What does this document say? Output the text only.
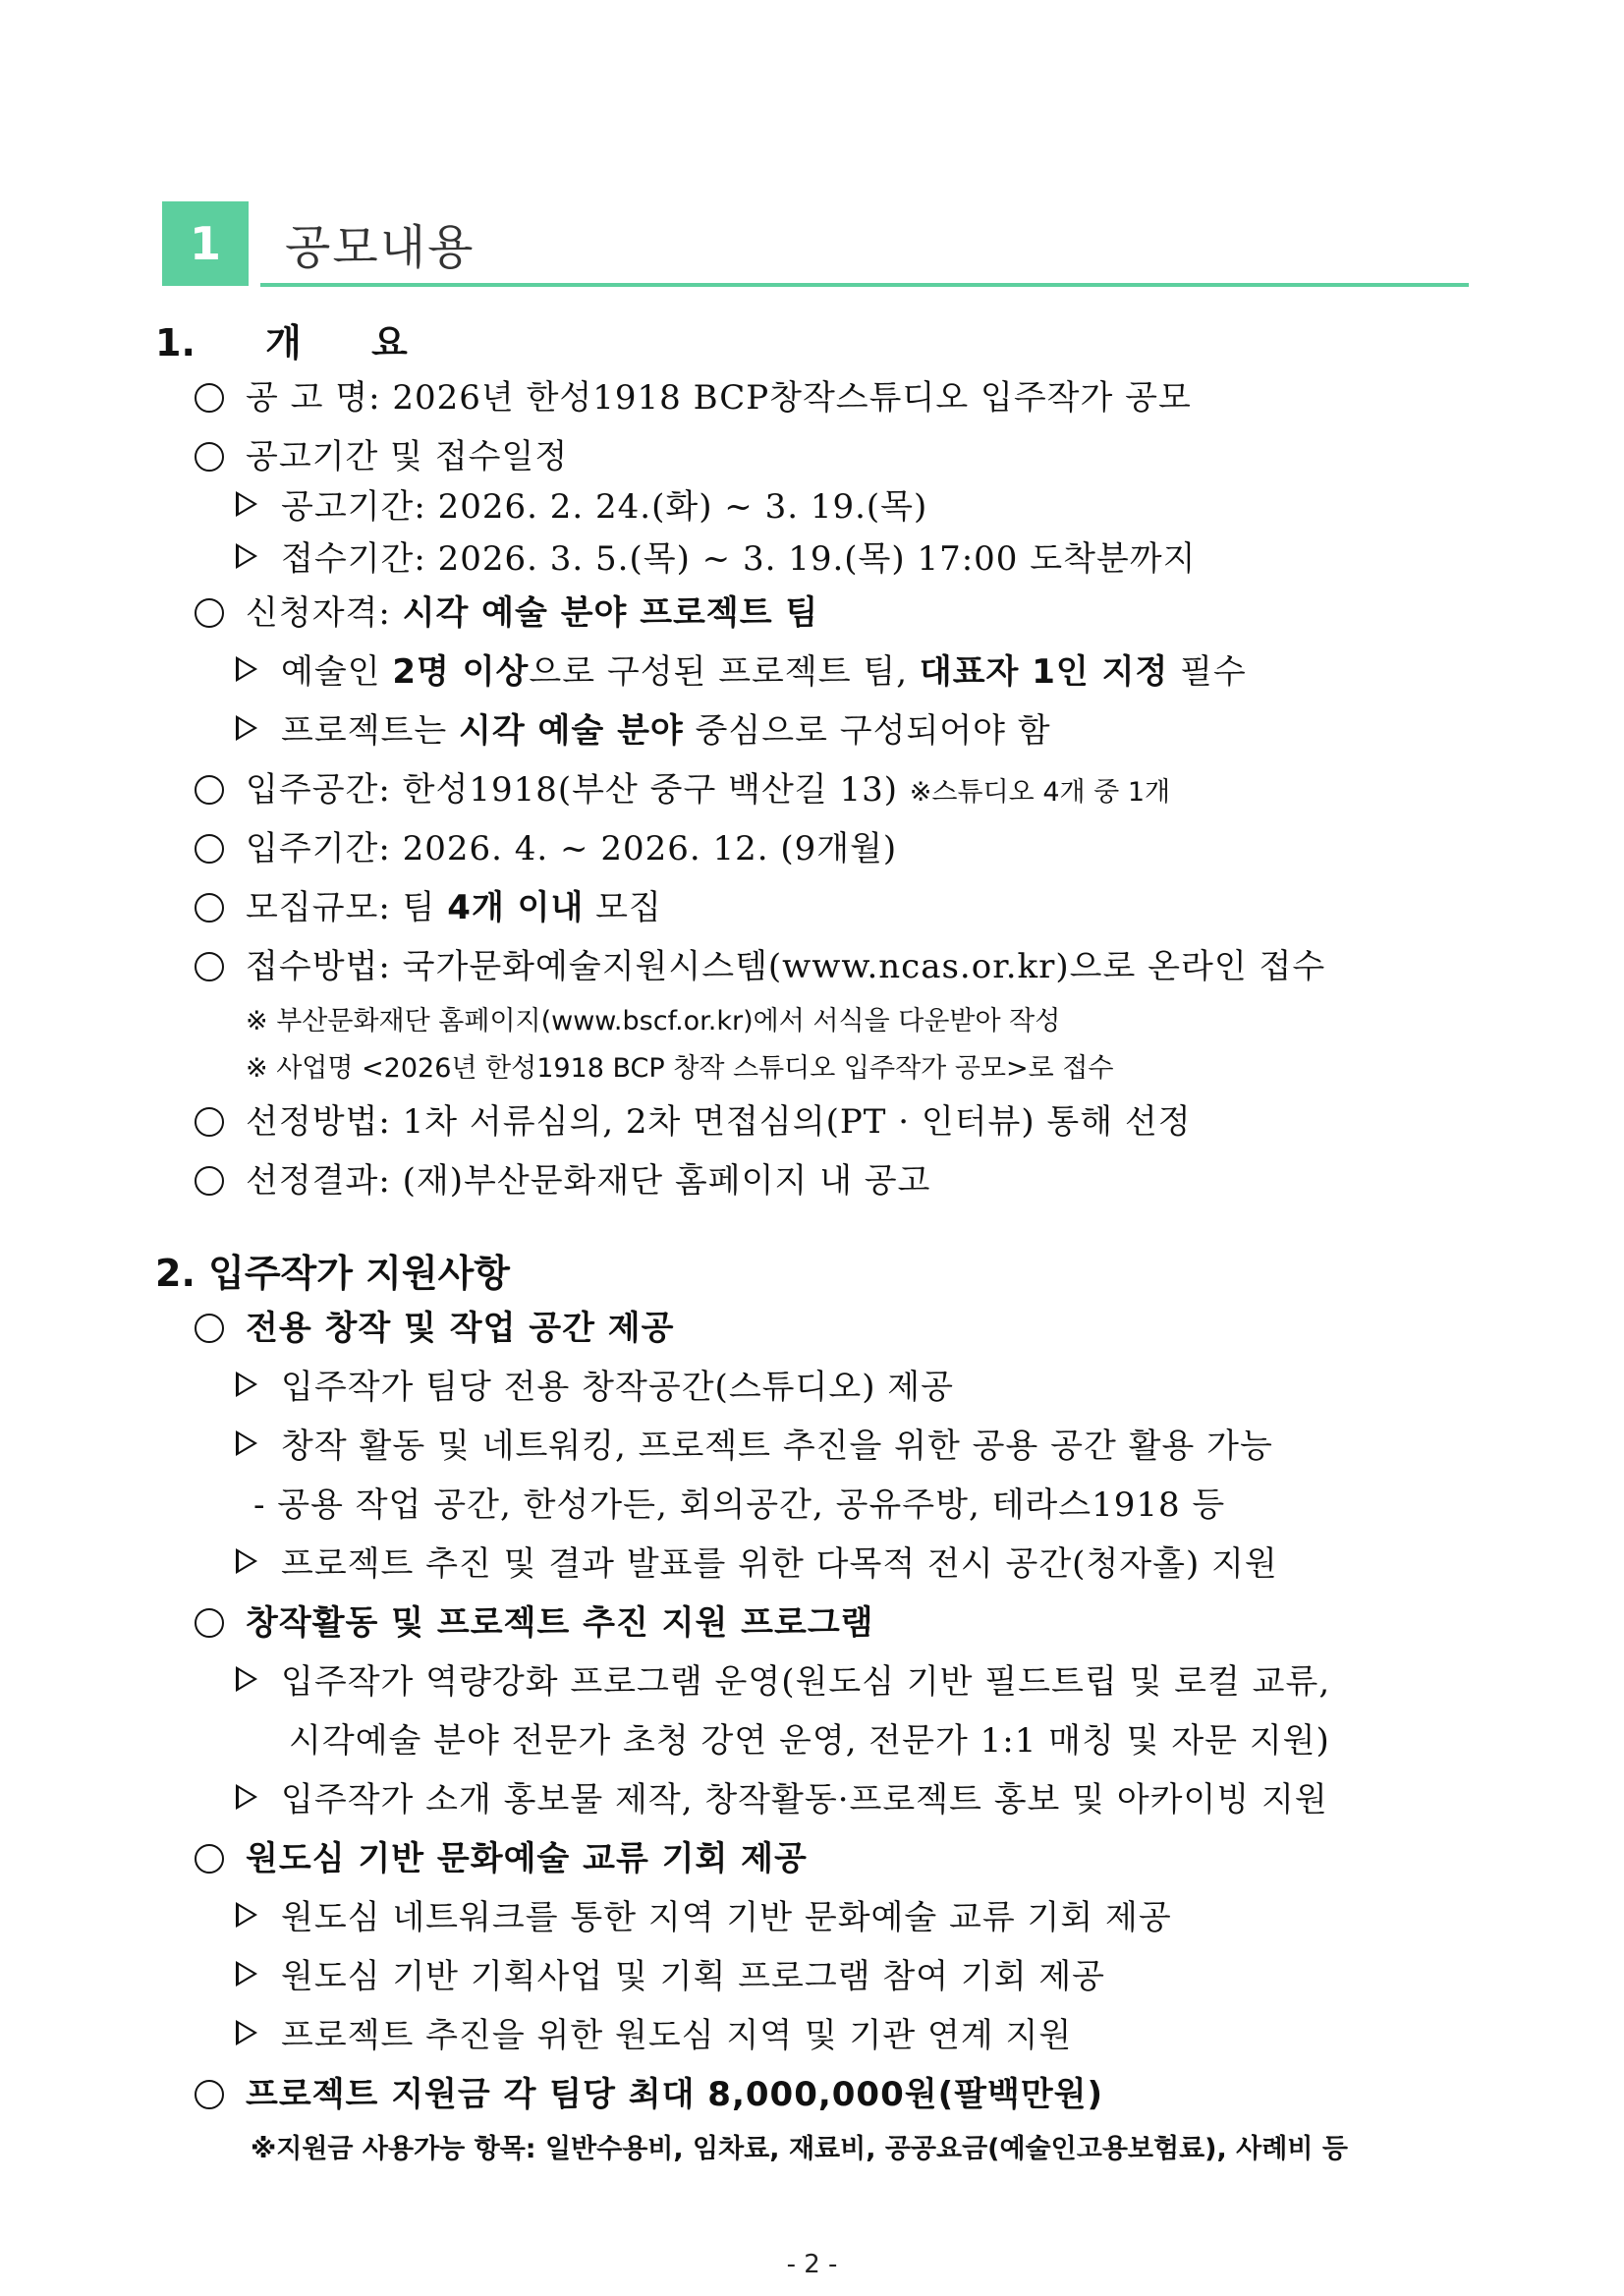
1	공모내용
1. 개 요
공 고 명: 2026년 한성1918 BCP창작스튜디오 입주작가 공모
공고기간 및 접수일정
공고기간: 2026. 2. 24.(화) ~ 3. 19.(목)
접수기간: 2026. 3. 5.(목) ~ 3. 19.(목) 17:00 도착분까지
신청자격: 시각 예술 분야 프로젝트 팀
예술인 2명 이상으로 구성된 프로젝트 팀, 대표자 1인 지정 필수
프로젝트는 시각 예술 분야 중심으로 구성되어야 함
입주공간: 한성1918(부산 중구 백산길 13) ※스튜디오 4개 중 1개
입주기간: 2026. 4. ~ 2026. 12. (9개월)
모집규모: 팀 4개 이내 모집
접수방법: 국가문화예술지원시스템(www.ncas.or.kr)으로 온라인 접수
※ 부산문화재단 홈페이지(www.bscf.or.kr)에서 서식을 다운받아 작성
※ 사업명 <2026년 한성1918 BCP 창작 스튜디오 입주작가 공모>로 접수
선정방법: 1차 서류심의, 2차 면접심의(PT · 인터뷰) 통해 선정
선정결과: (재)부산문화재단 홈페이지 내 공고
2. 입주작가 지원사항
전용 창작 및 작업 공간 제공
입주작가 팀당 전용 창작공간(스튜디오) 제공
창작 활동 및 네트워킹, 프로젝트 추진을 위한 공용 공간 활용 가능
- 공용 작업 공간, 한성가든, 회의공간, 공유주방, 테라스1918 등
프로젝트 추진 및 결과 발표를 위한 다목적 전시 공간(청자홀) 지원
창작활동 및 프로젝트 추진 지원 프로그램
입주작가 역량강화 프로그램 운영(원도심 기반 필드트립 및 로컬 교류,
시각예술 분야 전문가 초청 강연 운영, 전문가 1:1 매칭 및 자문 지원)
입주작가 소개 홍보물 제작, 창작활동·프로젝트 홍보 및 아카이빙 지원
원도심 기반 문화예술 교류 기회 제공
원도심 네트워크를 통한 지역 기반 문화예술 교류 기회 제공
원도심 기반 기획사업 및 기획 프로그램 참여 기회 제공
프로젝트 추진을 위한 원도심 지역 및 기관 연계 지원
프로젝트 지원금 각 팀당 최대 8,000,000원(팔백만원)
※지원금 사용가능 항목: 일반수용비, 임차료, 재료비, 공공요금(예술인고용보험료), 사례비 등
- 2 -
